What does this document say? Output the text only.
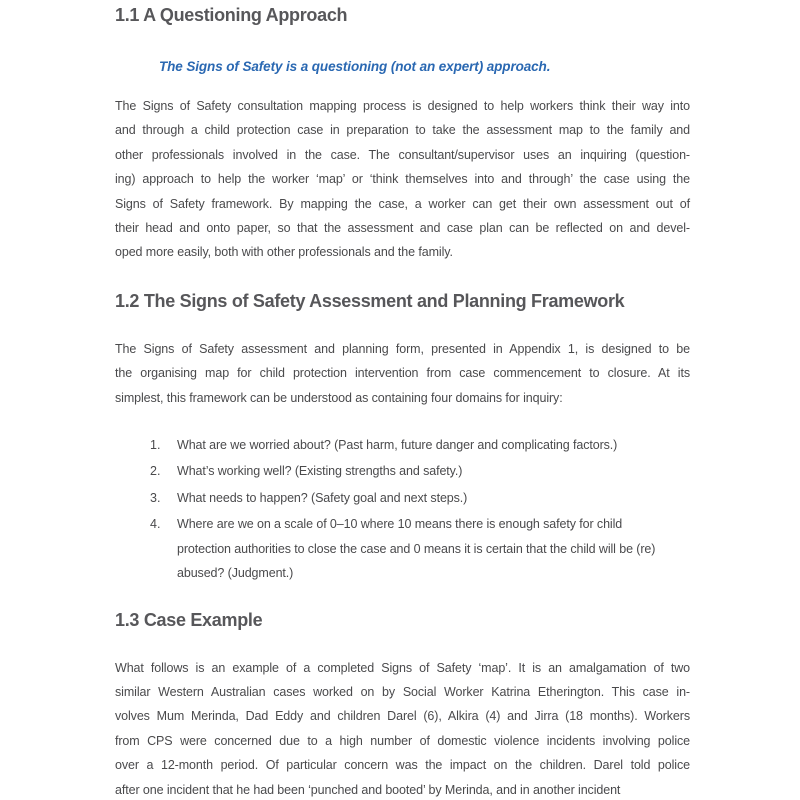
1.1 A Questioning Approach
The Signs of Safety is a questioning (not an expert) approach.
The Signs of Safety consultation mapping process is designed to help workers think their way into
and through a child protection case in preparation to take the assessment map to the family and
other professionals involved in the case. The consultant/supervisor uses an inquiring (question-
ing) approach to help the worker ‘map’ or ‘think themselves into and through’ the case using the
Signs of Safety framework. By mapping the case, a worker can get their own assessment out of
their head and onto paper, so that the assessment and case plan can be reflected on and devel-
oped more easily, both with other professionals and the family.
1.2 The Signs of Safety Assessment and Planning Framework
The Signs of Safety assessment and planning form, presented in Appendix 1, is designed to be
the organising map for child protection intervention from case commencement to closure. At its
simplest, this framework can be understood as containing four domains for inquiry:
1.	What are we worried about? (Past harm, future danger and complicating factors.)
2.	What’s working well? (Existing strengths and safety.)
3.	What needs to happen? (Safety goal and next steps.)
4.	Where are we on a scale of 0–10 where 10 means there is enough safety for child
protection authorities to close the case and 0 means it is certain that the child will be (re)
abused? (Judgment.)
1.3 Case Example
What follows is an example of a completed Signs of Safety ‘map’. It is an amalgamation of two
similar Western Australian cases worked on by Social Worker Katrina Etherington. This case in-
volves Mum Merinda, Dad Eddy and children Darel (6), Alkira (4) and Jirra (18 months). Workers
from CPS were concerned due to a high number of domestic violence incidents involving police
over a 12-month period. Of particular concern was the impact on the children. Darel told police
after one incident that he had been ‘punched and booted’ by Merinda, and in another incident
